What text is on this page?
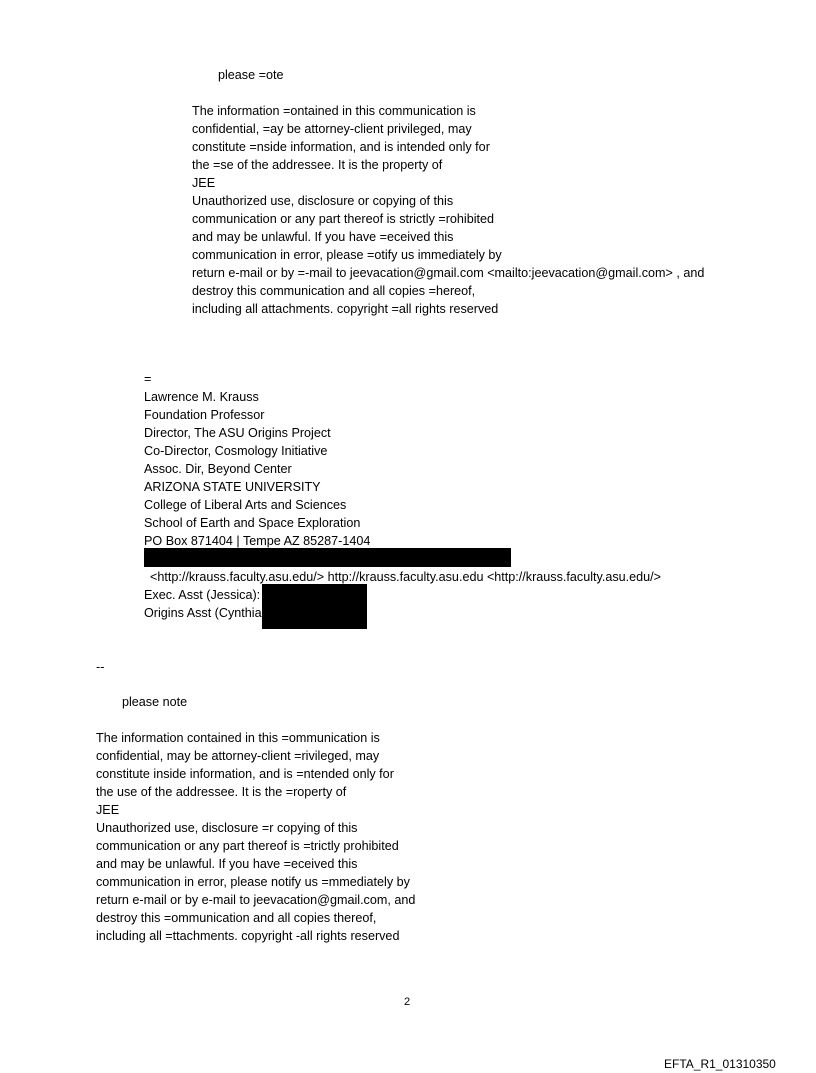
please =ote
The information =ontained in this communication is
confidential, =ay be attorney-client privileged, may
constitute =nside information, and is intended only for
the =se of the addressee. It is the property of
JEE
Unauthorized use, disclosure or copying of this
communication or any part thereof is strictly =rohibited
and may be unlawful. If you have =eceived this
communication in error, please =otify us immediately by
return e-mail or by =-mail to jeevacation@gmail.com <mailto:jeevacation@gmail.com> , and
destroy this communication and all copies =hereof,
including all attachments. copyright =all rights reserved
=
Lawrence M. Krauss
Foundation Professor
Director, The ASU Origins Project
Co-Director, Cosmology Initiative
Assoc. Dir, Beyond Center
ARIZONA STATE UNIVERSITY
College of Liberal Arts and Sciences
School of Earth and Space Exploration
PO Box 871404 | Tempe AZ 85287-1404
<http://krauss.faculty.asu.edu/> http://krauss.faculty.asu.edu <http://krauss.faculty.asu.edu/>
Exec. Asst (Jessica):
Origins Asst (Cynthia
--
please note
The information contained in this =ommunication is
confidential, may be attorney-client =rivileged, may
constitute inside information, and is =ntended only for
the use of the addressee. It is the =roperty of
JEE
Unauthorized use, disclosure =r copying of this
communication or any part thereof is =trictly prohibited
and may be unlawful. If you have =eceived this
communication in error, please notify us =mmediately by
return e-mail or by e-mail to jeevacation@gmail.com, and
destroy this =ommunication and all copies thereof,
including all =ttachments. copyright -all rights reserved
2
EFTA_R1_01310350
